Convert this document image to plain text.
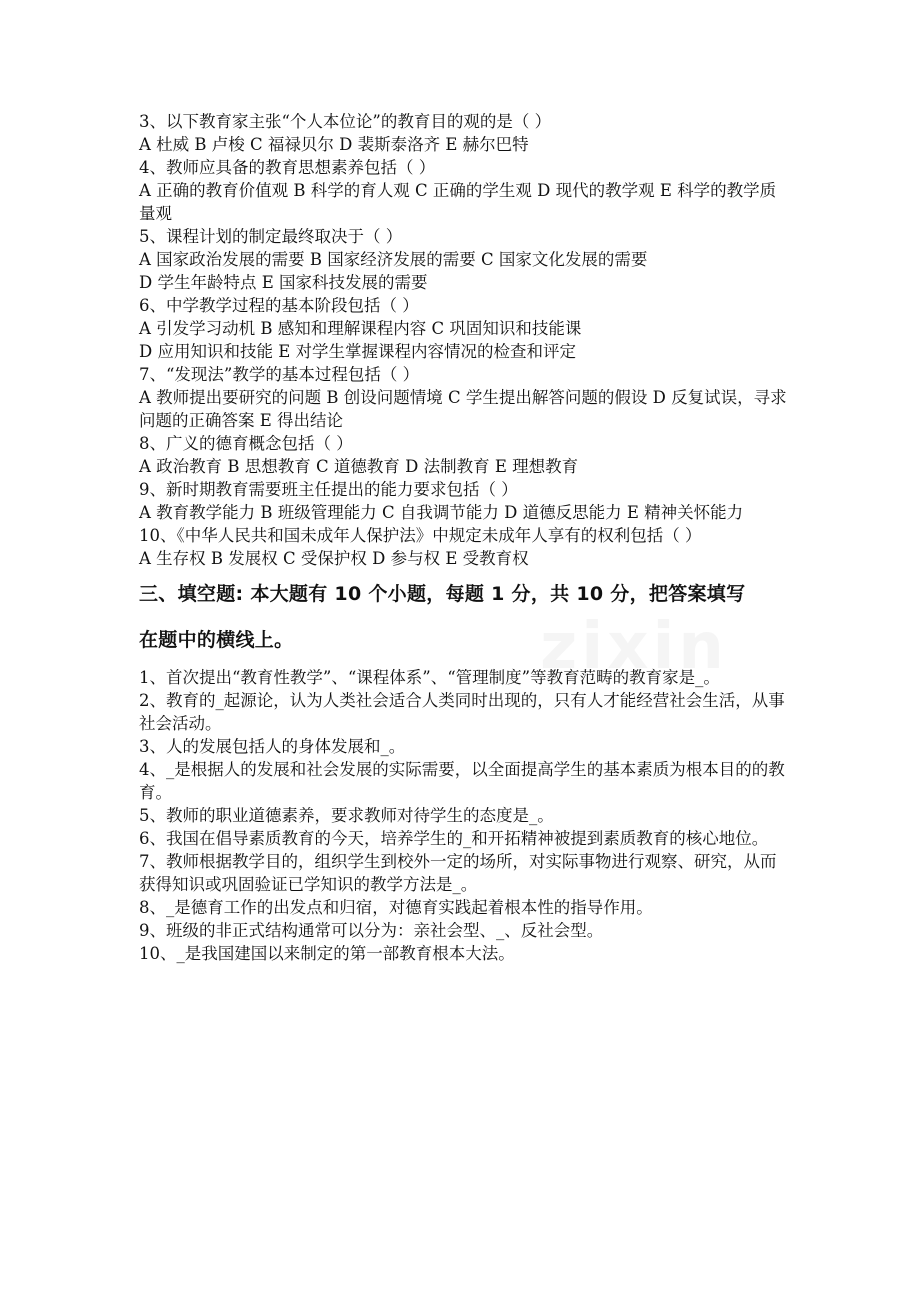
3、以下教育家主张“个人本位论”的教育目的观的是（ ）
A 杜威 B 卢梭 C 福禄贝尔 D 裴斯泰洛齐 E 赫尔巴特
4、教师应具备的教育思想素养包括（ ）
A 正确的教育价值观 B 科学的育人观 C 正确的学生观 D 现代的教学观 E 科学的教学质量观
5、课程计划的制定最终取决于（ ）
A 国家政治发展的需要 B 国家经济发展的需要 C 国家文化发展的需要
D 学生年龄特点 E 国家科技发展的需要
6、中学教学过程的基本阶段包括（ ）
A 引发学习动机 B 感知和理解课程内容 C 巩固知识和技能课
D 应用知识和技能 E 对学生掌握课程内容情况的检查和评定
7、“发现法”教学的基本过程包括（ ）
A 教师提出要研究的问题 B 创设问题情境 C 学生提出解答问题的假设 D 反复试误，寻求问题的正确答案 E 得出结论
8、广义的德育概念包括（ ）
A 政治教育 B 思想教育 C 道德教育 D 法制教育 E 理想教育
9、新时期教育需要班主任提出的能力要求包括（ ）
A 教育教学能力 B 班级管理能力 C 自我调节能力 D 道德反思能力 E 精神关怀能力
10、《中华人民共和国未成年人保护法》中规定未成年人享有的权利包括（ ）
A 生存权 B 发展权 C 受保护权 D 参与权 E 受教育权
三、填空题: 本大题有 10 个小题，每题 1 分，共 10 分，把答案填写
在题中的横线上。
1、首次提出“教育性教学”、“课程体系”、“管理制度”等教育范畴的教育家是_。
2、教育的_起源论，认为人类社会适合人类同时出现的，只有人才能经营社会生活，从事社会活动。
3、人的发展包括人的身体发展和_。
4、_是根据人的发展和社会发展的实际需要，以全面提高学生的基本素质为根本目的的教育。
5、教师的职业道德素养，要求教师对待学生的态度是_。
6、我国在倡导素质教育的今天，培养学生的_和开拓精神被提到素质教育的核心地位。
7、教师根据教学目的，组织学生到校外一定的场所，对实际事物进行观察、研究，从而获得知识或巩固验证已学知识的教学方法是_。
8、_是德育工作的出发点和归宿，对德育实践起着根本性的指导作用。
9、班级的非正式结构通常可以分为：亲社会型、_、反社会型。
10、_是我国建国以来制定的第一部教育根本大法。
zixin
